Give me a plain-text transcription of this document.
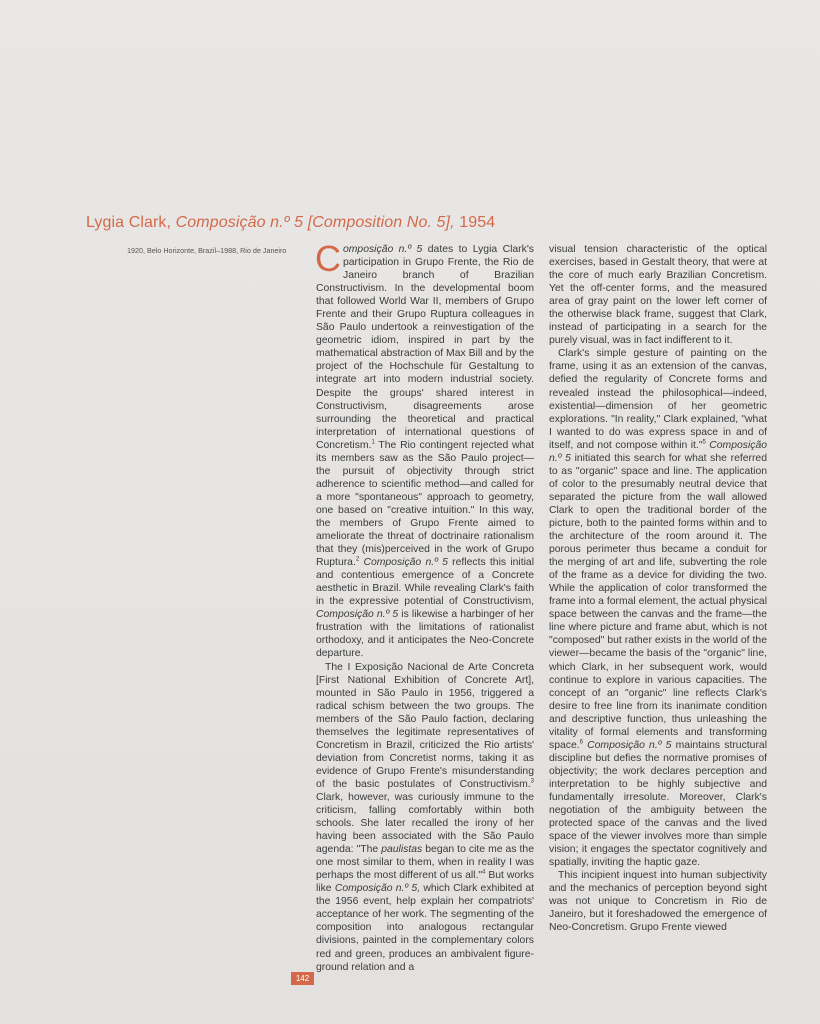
Lygia Clark, Composição n.º 5 [Composition No. 5], 1954
1920, Belo Horizonte, Brazil–1988, Rio de Janeiro Composição n.º 5 dates to Lygia Clark's participation in Grupo Frente, the Rio de Janeiro branch of Brazilian Constructivism. In the developmental boom that followed World War II, members of Grupo Frente and their Grupo Ruptura colleagues in São Paulo undertook a reinvestigation of the geometric idiom, inspired in part by the mathematical abstraction of Max Bill and by the project of the Hochschule für Gestaltung to integrate art into modern industrial society. Despite the groups' shared interest in Constructivism, disagreements arose surrounding the theoretical and practical interpretation of international questions of Concretism.$^1$ The Rio contingent rejected what its members saw as the São Paulo project—the pursuit of objectivity through strict adherence to scientific method—and called for a more "spontaneous" approach to geometry, one based on "creative intuition." In this way, the members of Grupo Frente aimed to ameliorate the threat of doctrinaire rationalism that they (mis)perceived in the work of Grupo Ruptura.$^2$ Composição n.º 5 reflects this initial and contentious emergence of a Concrete aesthetic in Brazil. While revealing Clark's faith in the expressive potential of Constructivism, Composição n.º 5 is likewise a harbinger of her frustration with the limitations of rationalist orthodoxy, and it anticipates the Neo-Concrete departure.

The I Exposição Nacional de Arte Concreta [First National Exhibition of Concrete Art], mounted in São Paulo in 1956, triggered a radical schism between the two groups. The members of the São Paulo faction, declaring themselves the legitimate representatives of Concretism in Brazil, criticized the Rio artists' deviation from Concretist norms, taking it as evidence of Grupo Frente's misunderstanding of the basic postulates of Constructivism.$^3$ Clark, however, was curiously immune to the criticism, falling comfortably within both schools. She later recalled the irony of her having been associated with the São Paulo agenda: "The paulistas began to cite me as the one most similar to them, when in reality I was perhaps the most different of us all."$^4$ But works like Composição n.º 5, which Clark exhibited at the 1956 event, help explain her compatriots' acceptance of her work. The segmenting of the composition into analogous rectangular divisions, painted in the complementary colors red and green, produces an ambivalent figure-ground relation and a

visual tension characteristic of the optical exercises, based in Gestalt theory, that were at the core of much early Brazilian Concretism. Yet the off-center forms, and the measured area of gray paint on the lower left corner of the otherwise black frame, suggest that Clark, instead of participating in a search for the purely visual, was in fact indifferent to it.

Clark's simple gesture of painting on the frame, using it as an extension of the canvas, defied the regularity of Concrete forms and revealed instead the philosophical—indeed, existential—dimension of her geometric explorations. "In reality," Clark explained, "what I wanted to do was express space in and of itself, and not compose within it."$^5$ Composição n.º 5 initiated this search for what she referred to as "organic" space and line. The application of color to the presumably neutral device that separated the picture from the wall allowed Clark to open the traditional border of the picture, both to the painted forms within and to the architecture of the room around it. The porous perimeter thus became a conduit for the merging of art and life, subverting the role of the frame as a device for dividing the two. While the application of color transformed the frame into a formal element, the actual physical space between the canvas and the frame—the line where picture and frame abut, which is not "composed" but rather exists in the world of the viewer—became the basis of the "organic" line, which Clark, in her subsequent work, would continue to explore in various capacities. The concept of an "organic" line reflects Clark's desire to free line from its inanimate condition and descriptive function, thus unleashing the vitality of formal elements and transforming space.$^6$ Composição n.º 5 maintains structural discipline but defies the normative promises of objectivity; the work declares perception and interpretation to be highly subjective and fundamentally irresolute. Moreover, Clark's negotiation of the ambiguity between the protected space of the canvas and the lived space of the viewer involves more than simple vision; it engages the spectator cognitively and spatially, inviting the haptic gaze.

This incipient inquest into human subjectivity and the mechanics of perception beyond sight was not unique to Concretism in Rio de Janeiro, but it foreshadowed the emergence of Neo-Concretism. Grupo Frente viewed

142
